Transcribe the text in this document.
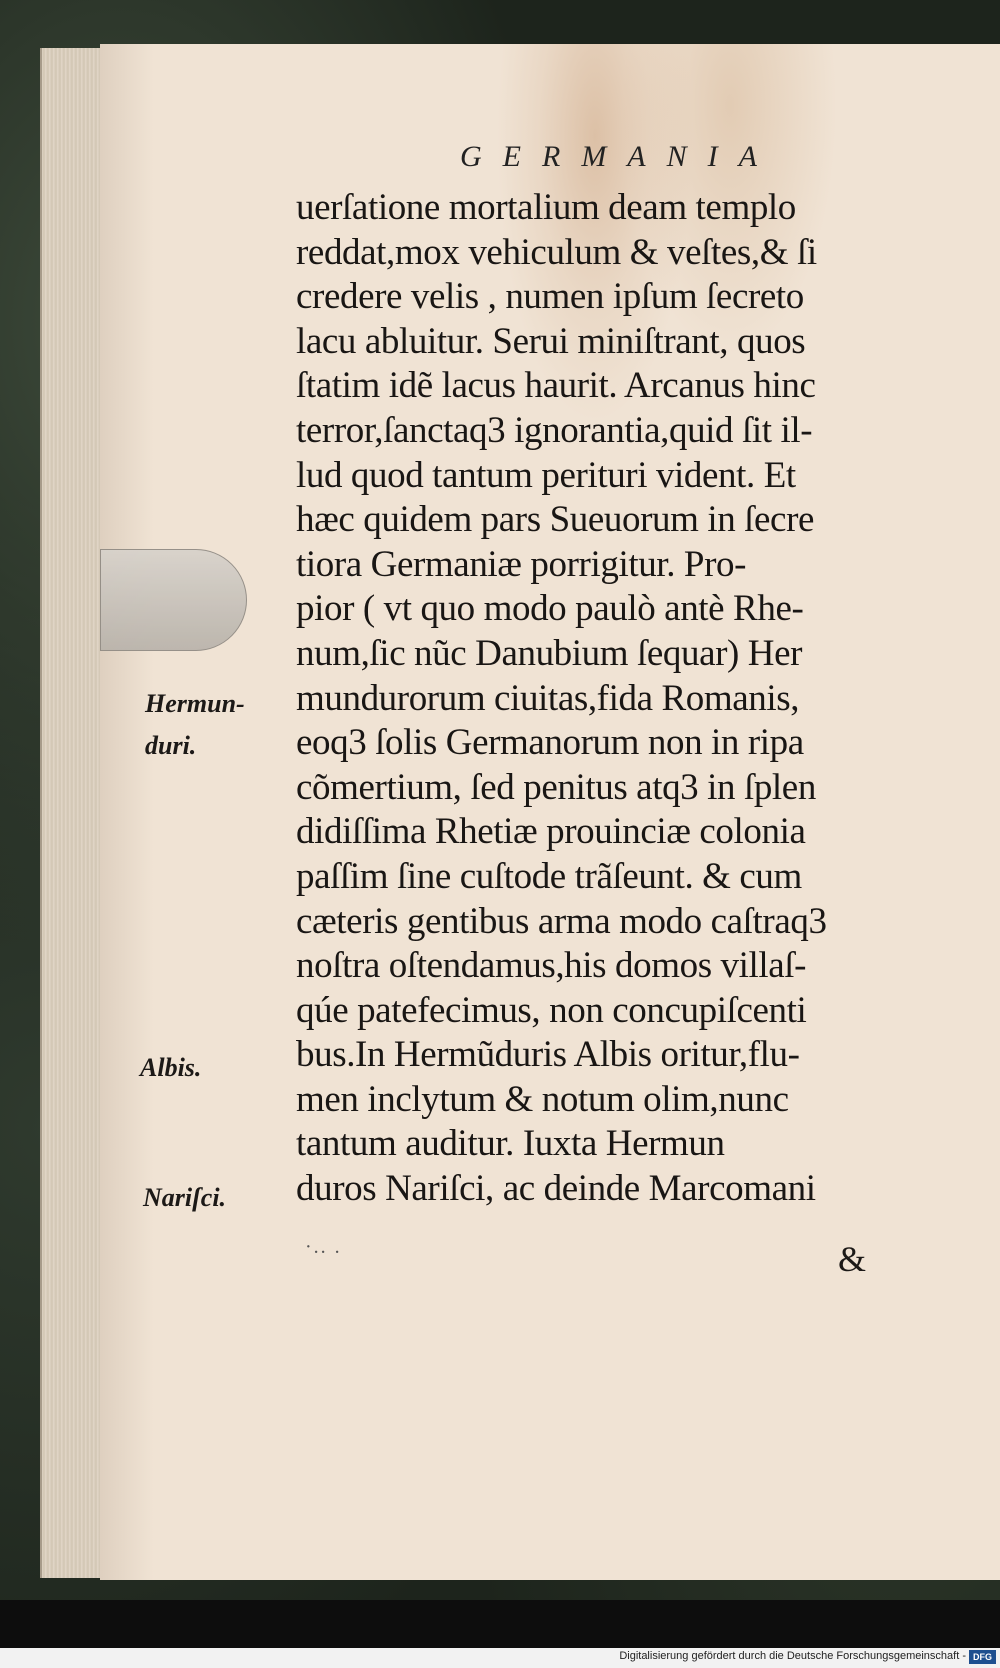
GERMANIA
uerſatione mortalium deam templo
reddat,mox vehiculum & veſtes,& ſi
credere velis , numen ipſum ſecreto
lacu abluitur. Serui miniſtrant, quos
ſtatim idẽ lacus haurit. Arcanus hinc
terror,ſanctaq3 ignorantia,quid ſit il-
lud quod tantum perituri vident. Et
hæc quidem pars Sueuorum in ſecre
tiora Germaniæ porrigitur. Pro-
pior ( vt quo modo paulò antè Rhe-
num,ſic nũc Danubium ſequar) Her
mundurorum ciuitas,fida Romanis,
eoq3 ſolis Germanorum non in ripa
cõmertium, ſed penitus atq3 in ſplen
didiſſima Rhetiæ prouinciæ colonia
paſſim ſine cuſtode trãſeunt. & cum
cæteris gentibus arma modo caſtraq3
noſtra oſtendamus,his domos villaſ-
qúe patefecimus, non concupiſcenti
bus.In Hermũduris Albis oritur,flu-
men inclytum & notum olim,nunc
tantum auditur. Iuxta Hermun
duros Nariſci, ac deinde Marcomani
Hermun-
duri.
Albis.
Nariſci.
·.. .	&
Digitalisierung gefördert durch die Deutsche Forschungsgemeinschaft - DFG
